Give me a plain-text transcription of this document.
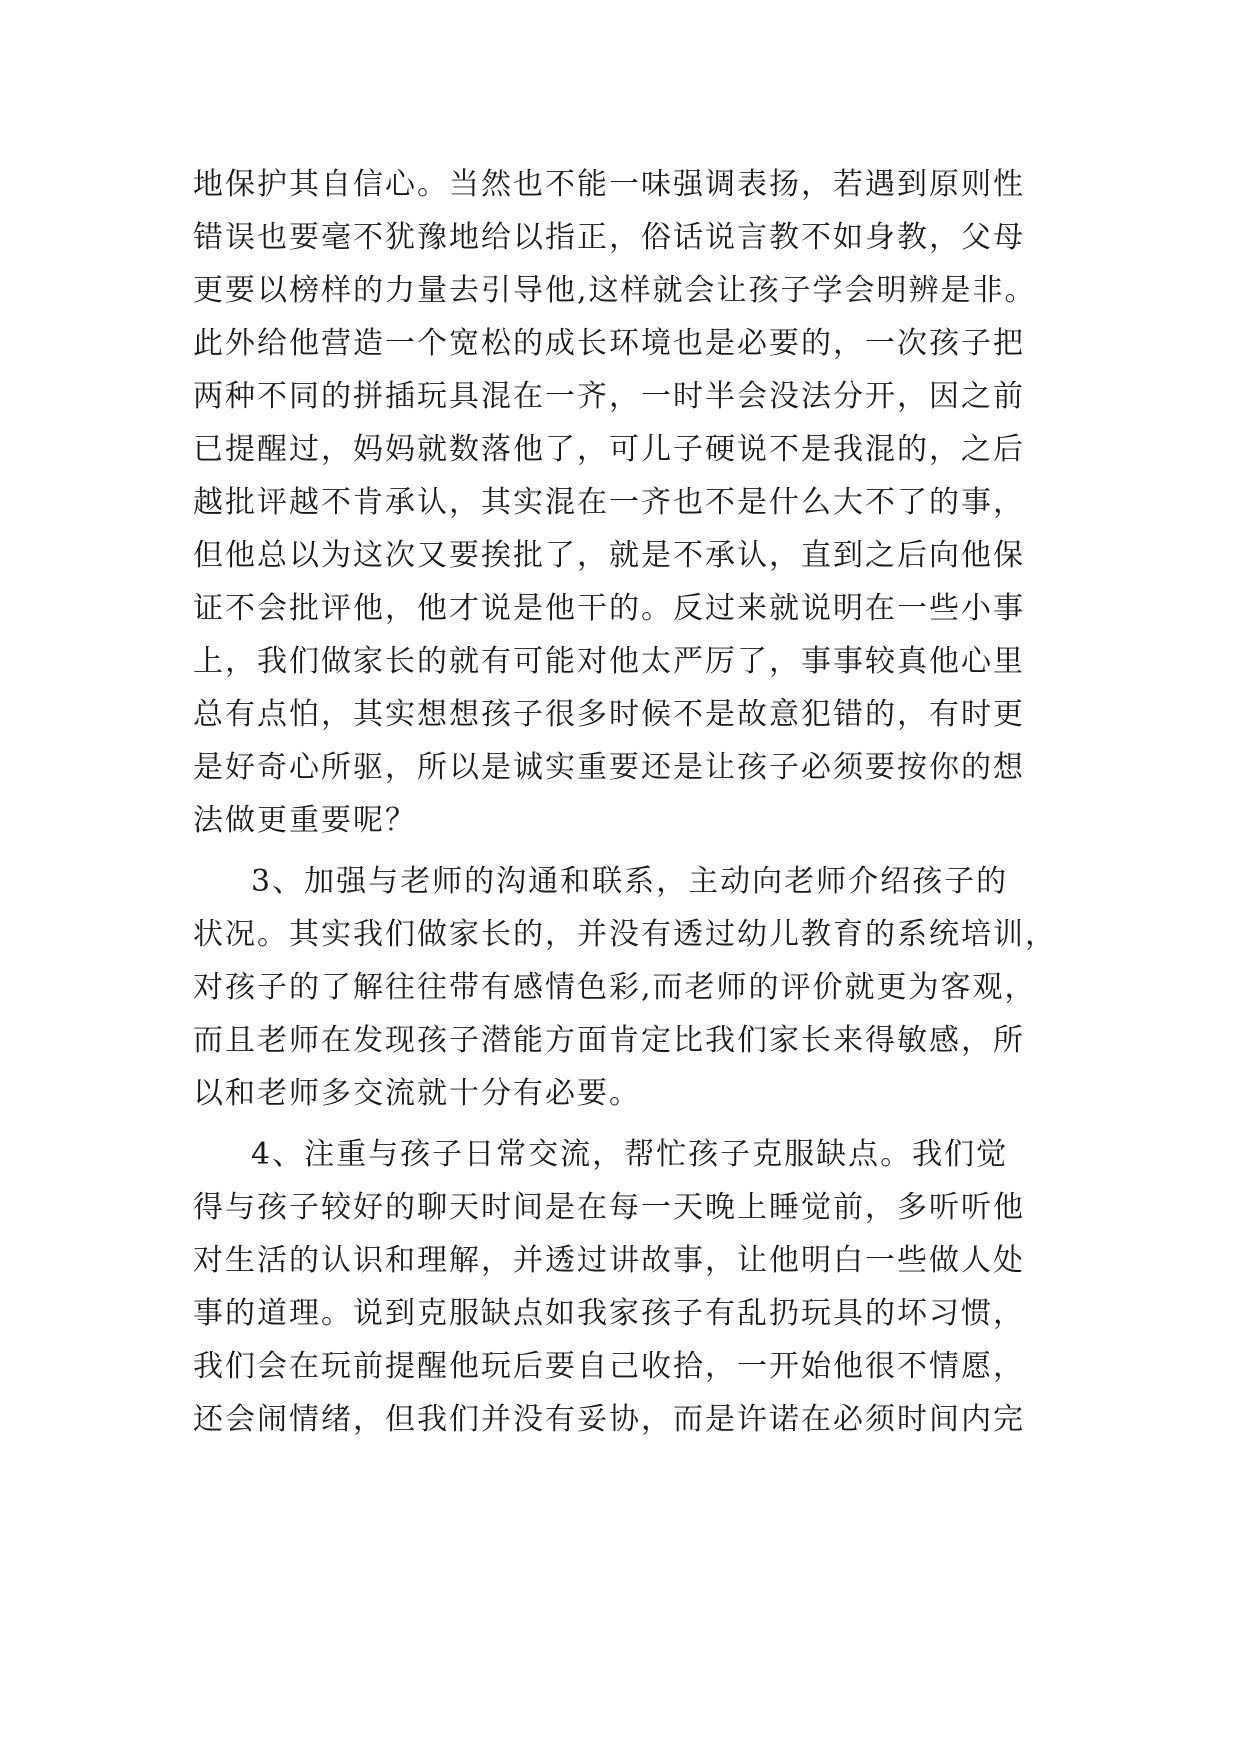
地保护其自信心。当然也不能一味强调表扬，若遇到原则性
错误也要毫不犹豫地给以指正，俗话说言教不如身教，父母
更要以榜样的力量去引导他,这样就会让孩子学会明辨是非。
此外给他营造一个宽松的成长环境也是必要的，一次孩子把
两种不同的拼插玩具混在一齐，一时半会没法分开，因之前
已提醒过，妈妈就数落他了，可儿子硬说不是我混的，之后
越批评越不肯承认，其实混在一齐也不是什么大不了的事，
但他总以为这次又要挨批了，就是不承认，直到之后向他保
证不会批评他，他才说是他干的。反过来就说明在一些小事
上，我们做家长的就有可能对他太严厉了，事事较真他心里
总有点怕，其实想想孩子很多时候不是故意犯错的，有时更
是好奇心所驱，所以是诚实重要还是让孩子必须要按你的想
法做更重要呢？
3、加强与老师的沟通和联系，主动向老师介绍孩子的
状况。其实我们做家长的，并没有透过幼儿教育的系统培训，
对孩子的了解往往带有感情色彩,而老师的评价就更为客观，
而且老师在发现孩子潜能方面肯定比我们家长来得敏感，所
以和老师多交流就十分有必要。
4、注重与孩子日常交流，帮忙孩子克服缺点。我们觉
得与孩子较好的聊天时间是在每一天晚上睡觉前，多听听他
对生活的认识和理解，并透过讲故事，让他明白一些做人处
事的道理。说到克服缺点如我家孩子有乱扔玩具的坏习惯，
我们会在玩前提醒他玩后要自己收拾，一开始他很不情愿，
还会闹情绪，但我们并没有妥协，而是许诺在必须时间内完
